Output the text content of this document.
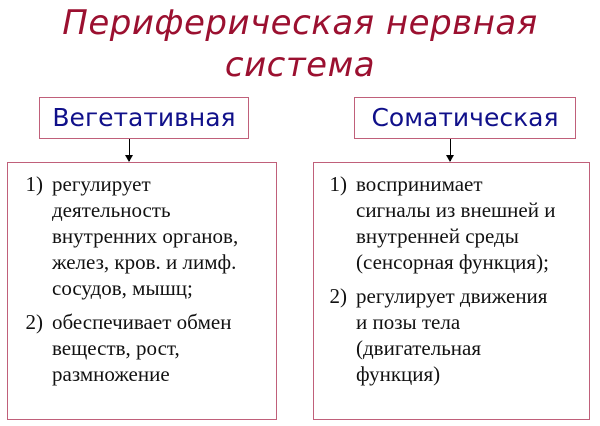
Периферическая нервная
система
Вегетативная	Соматическая
1) регулирует
деятельность
внутренних органов,
желез, кров. и лимф.
сосудов, мышц;
2) обеспечивает обмен
веществ, рост,
размножение
1) воспринимает
сигналы из внешней и
внутренней среды
(сенсорная функция);
2) регулирует движения
и позы тела
(двигательная
функция)
